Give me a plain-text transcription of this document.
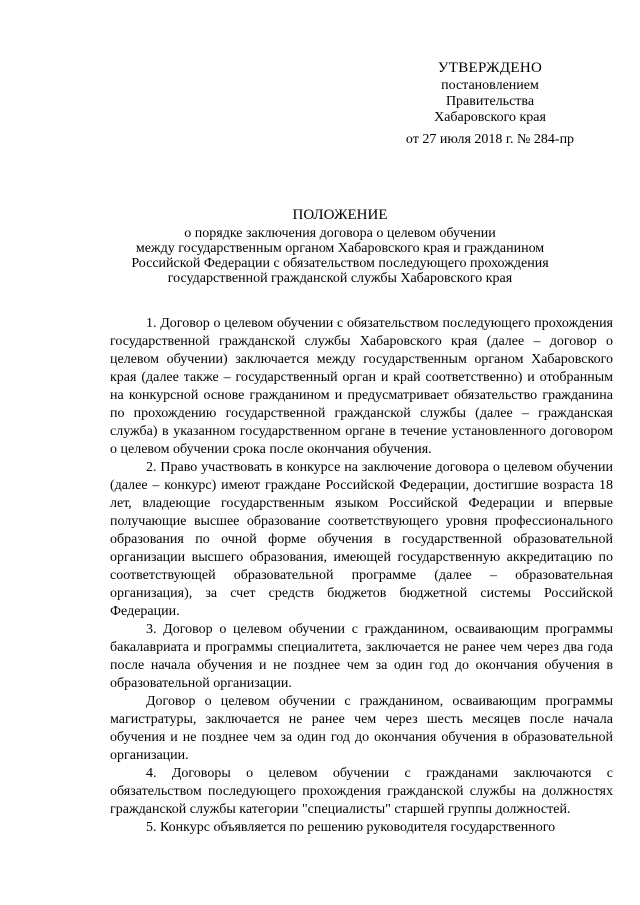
УТВЕРЖДЕНО
постановлением
Правительства
Хабаровского края
от 27 июля 2018 г. № 284-пр
ПОЛОЖЕНИЕ
о порядке заключения договора о целевом обучении
между государственным органом Хабаровского края и гражданином
Российской Федерации с обязательством последующего прохождения
государственной гражданской службы Хабаровского края

1. Договор о целевом обучении с обязательством последующего прохождения государственной гражданской службы Хабаровского края (далее – договор о целевом обучении) заключается между государственным органом Хабаровского края (далее также – государственный орган и край соответственно) и отобранным на конкурсной основе гражданином и предусматривает обязательство гражданина по прохождению государственной гражданской службы (далее – гражданская служба) в указанном государственном органе в течение установленного договором о целевом обучении срока после окончания обучения.

2. Право участвовать в конкурсе на заключение договора о целевом обучении (далее – конкурс) имеют граждане Российской Федерации, достигшие возраста 18 лет, владеющие государственным языком Российской Федерации и впервые получающие высшее образование соответствующего уровня профессионального образования по очной форме обучения в государственной образовательной организации высшего образования, имеющей государственную аккредитацию по соответствующей образовательной программе (далее – образовательная организация), за счет средств бюджетов бюджетной системы Российской Федерации.

3. Договор о целевом обучении с гражданином, осваивающим программы бакалавриата и программы специалитета, заключается не ранее чем через два года после начала обучения и не позднее чем за один год до окончания обучения в образовательной организации.

Договор о целевом обучении с гражданином, осваивающим программы магистратуры, заключается не ранее чем через шесть месяцев после начала обучения и не позднее чем за один год до окончания обучения в образовательной организации.

4. Договоры о целевом обучении с гражданами заключаются с обязательством последующего прохождения гражданской службы на должностях гражданской службы категории "специалисты" старшей группы должностей.

5. Конкурс объявляется по решению руководителя государственного
